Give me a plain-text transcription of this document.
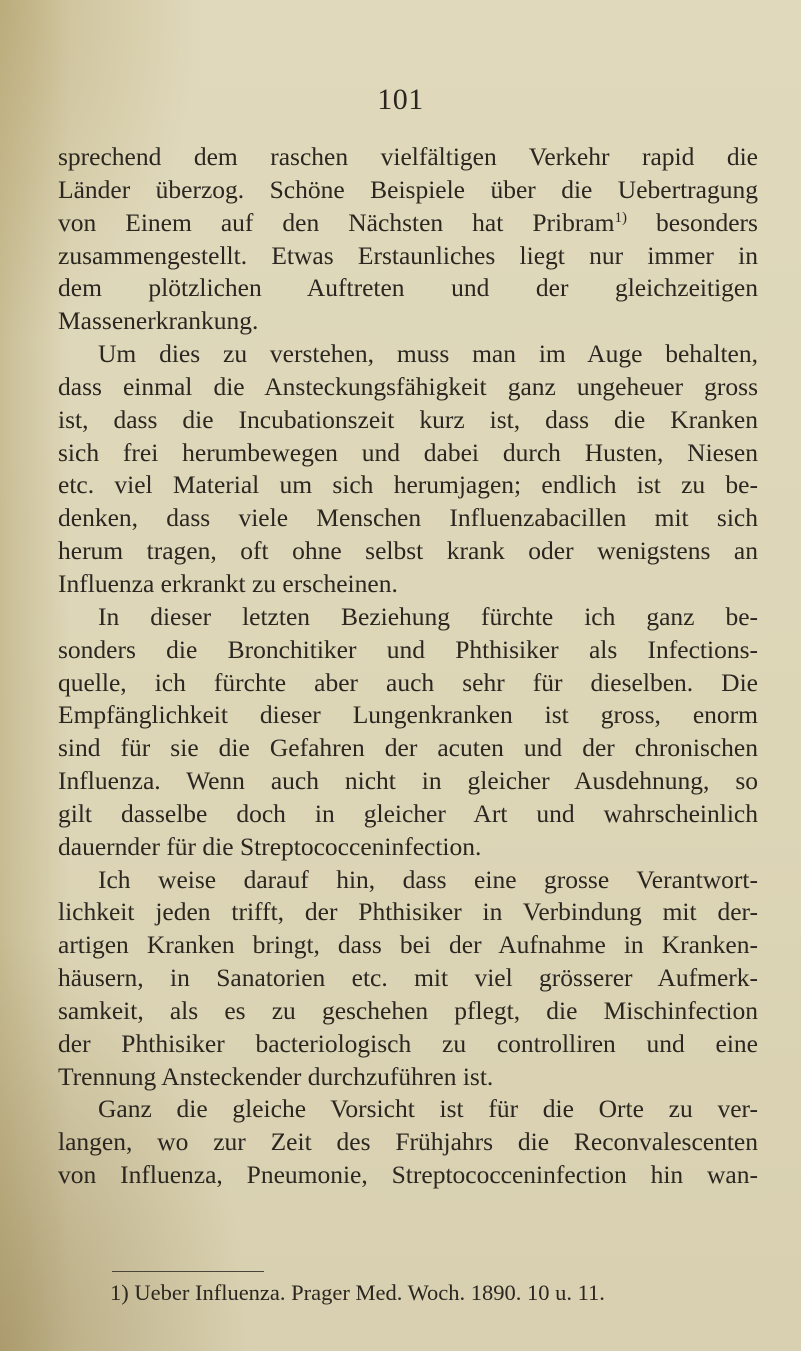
101
sprechend dem raschen vielfältigen Verkehr rapid die
Länder überzog. Schöne Beispiele über die Uebertragung
von Einem auf den Nächsten hat Pribram$^{1)}$ besonders
zusammengestellt. Etwas Erstaunliches liegt nur immer in
dem plötzlichen Auftreten und der gleichzeitigen
Massenerkrankung.
Um dies zu verstehen, muss man im Auge behalten,
dass einmal die Ansteckungsfähigkeit ganz ungeheuer gross
ist, dass die Incubationszeit kurz ist, dass die Kranken
sich frei herumbewegen und dabei durch Husten, Niesen
etc. viel Material um sich herumjagen; endlich ist zu be-
denken, dass viele Menschen Influenzabacillen mit sich
herum tragen, oft ohne selbst krank oder wenigstens an
Influenza erkrankt zu erscheinen.
In dieser letzten Beziehung fürchte ich ganz be-
sonders die Bronchitiker und Phthisiker als Infections-
quelle, ich fürchte aber auch sehr für dieselben. Die
Empfänglichkeit dieser Lungenkranken ist gross, enorm
sind für sie die Gefahren der acuten und der chronischen
Influenza. Wenn auch nicht in gleicher Ausdehnung, so
gilt dasselbe doch in gleicher Art und wahrscheinlich
dauernder für die Streptococceninfection.
Ich weise darauf hin, dass eine grosse Verantwort-
lichkeit jeden trifft, der Phthisiker in Verbindung mit der-
artigen Kranken bringt, dass bei der Aufnahme in Kranken-
häusern, in Sanatorien etc. mit viel grösserer Aufmerk-
samkeit, als es zu geschehen pflegt, die Mischinfection
der Phthisiker bacteriologisch zu controlliren und eine
Trennung Ansteckender durchzuführen ist.
Ganz die gleiche Vorsicht ist für die Orte zu ver-
langen, wo zur Zeit des Frühjahrs die Reconvalescenten
von Influenza, Pneumonie, Streptococceninfection hin wan-
1) Ueber Influenza. Prager Med. Woch. 1890. 10 u. 11.
